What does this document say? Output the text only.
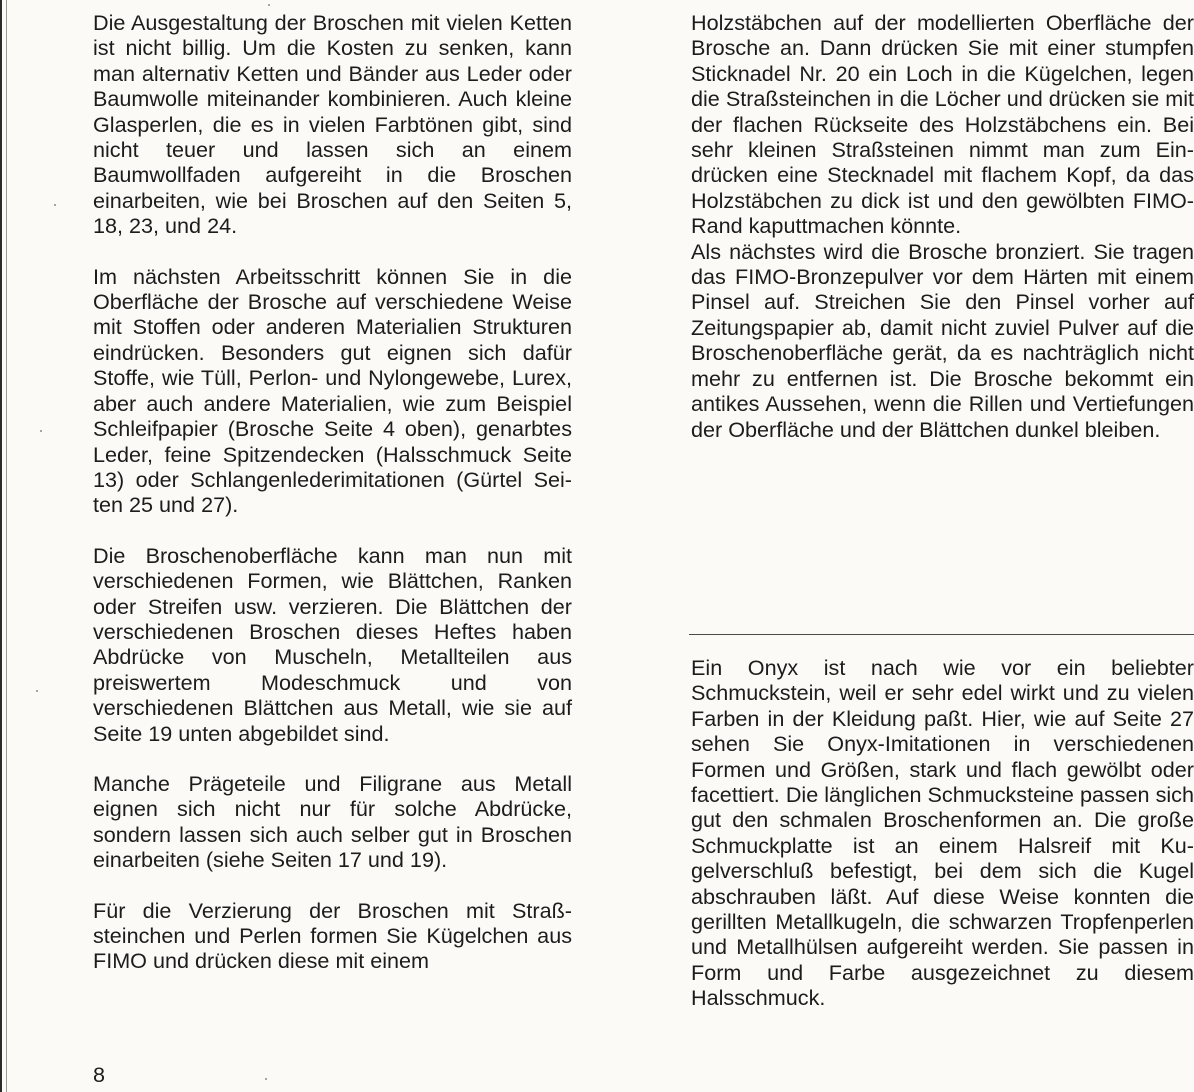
Die Ausgestaltung der Broschen mit vielen Ketten ist nicht billig. Um die Kosten zu senken, kann man alternativ Ketten und Bänder aus Leder oder Baumwolle miteinander kombinieren. Auch kleine Glasperlen, die es in vielen Farbtönen gibt, sind nicht teuer und lassen sich an einem Baumwollfaden aufgereiht in die Broschen einarbeiten, wie bei Broschen auf den Seiten 5, 18, 23, und 24.

Im nächsten Arbeitsschritt können Sie in die Oberfläche der Brosche auf verschiedene Weise mit Stoffen oder anderen Materialien Strukturen eindrücken. Besonders gut eignen sich dafür Stoffe, wie Tüll, Perlon- und Nylongewebe, Lurex, aber auch andere Materialien, wie zum Beispiel Schleifpapier (Brosche Seite 4 oben), genarbtes Leder, feine Spitzendecken (Halsschmuck Seite 13) oder Schlangenlederimitationen (Gürtel Seiten 25 und 27).

Die Broschenoberfläche kann man nun mit verschiedenen Formen, wie Blättchen, Ranken oder Streifen usw. verzieren. Die Blättchen der verschiedenen Broschen dieses Heftes haben Abdrücke von Muscheln, Metallteilen aus preiswertem Modeschmuck und von verschiedenen Blättchen aus Metall, wie sie auf Seite 19 unten abgebildet sind.

Manche Prägeteile und Filigrane aus Metall eignen sich nicht nur für solche Abdrücke, sondern lassen sich auch selber gut in Broschen einarbeiten (siehe Seiten 17 und 19).

Für die Verzierung der Broschen mit Straßsteinchen und Perlen formen Sie Kügelchen aus FIMO und drücken diese mit einem

Holzstäbchen auf der modellierten Oberfläche der Brosche an. Dann drücken Sie mit einer stumpfen Sticknadel Nr. 20 ein Loch in die Kügelchen, legen die Straßsteinchen in die Löcher und drücken sie mit der flachen Rückseite des Holzstäbchens ein. Bei sehr kleinen Straßsteinen nimmt man zum Eindrücken eine Stecknadel mit flachem Kopf, da das Holzstäbchen zu dick ist und den gewölbten FIMO-Rand kaputtmachen könnte.

Als nächstes wird die Brosche bronziert. Sie tragen das FIMO-Bronzepulver vor dem Härten mit einem Pinsel auf. Streichen Sie den Pinsel vorher auf Zeitungspapier ab, damit nicht zuviel Pulver auf die Broschenoberfläche gerät, da es nachträglich nicht mehr zu entfernen ist. Die Brosche bekommt ein antikes Aussehen, wenn die Rillen und Vertiefungen der Oberfläche und der Blättchen dunkel bleiben.

Ein Onyx ist nach wie vor ein beliebter Schmuckstein, weil er sehr edel wirkt und zu vielen Farben in der Kleidung paßt. Hier, wie auf Seite 27 sehen Sie Onyx-Imitationen in verschiedenen Formen und Größen, stark und flach gewölbt oder facettiert. Die länglichen Schmucksteine passen sich gut den schmalen Broschenformen an. Die große Schmuckplatte ist an einem Halsreif mit Kugelverschluß befestigt, bei dem sich die Kugel abschrauben läßt. Auf diese Weise konnten die gerillten Metallkugeln, die schwarzen Tropfenperlen und Metallhülsen aufgereiht werden. Sie passen in Form und Farbe ausgezeichnet zu diesem Halsschmuck.

8
